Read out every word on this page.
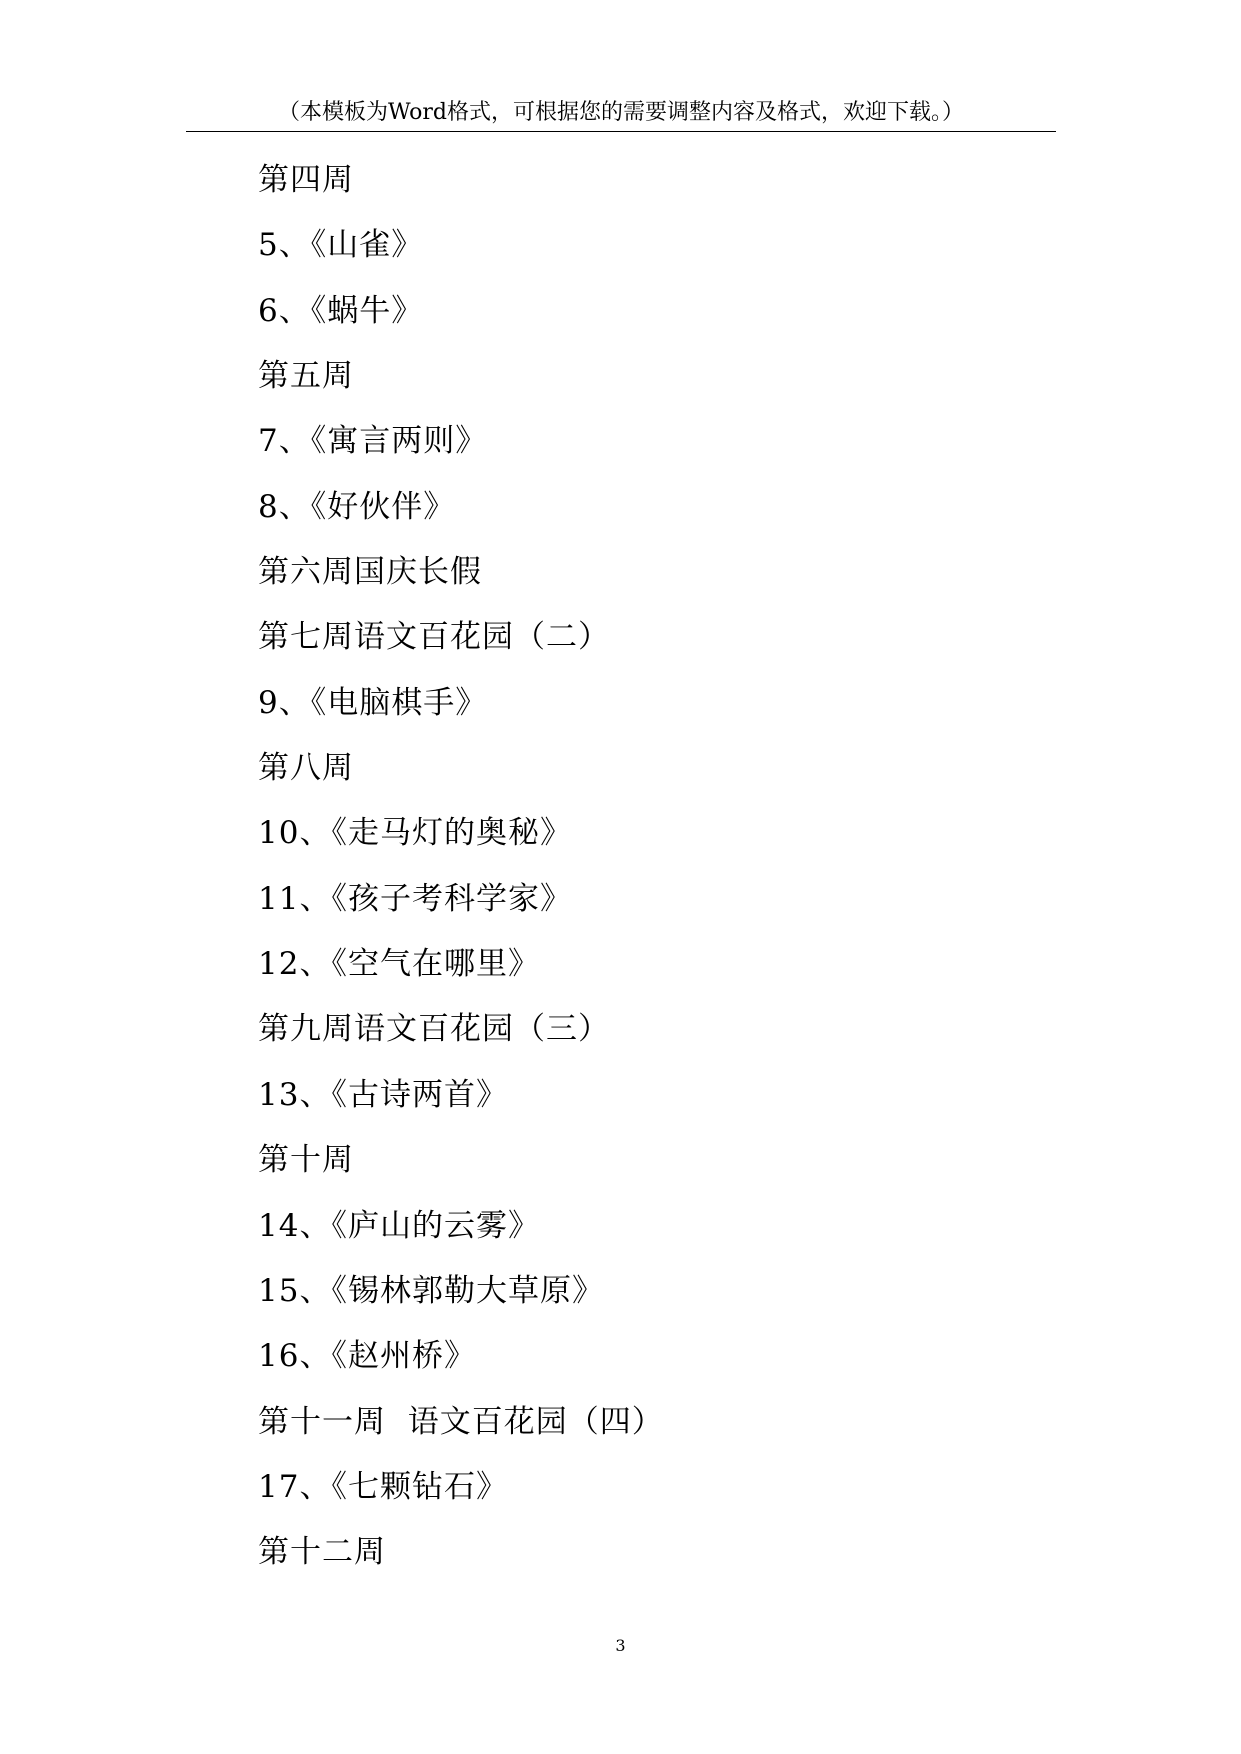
（本模板为Word格式，可根据您的需要调整内容及格式，欢迎下载。）
第四周
5、《山雀》
6、《蜗牛》
第五周
7、《寓言两则》
8、《好伙伴》
第六周国庆长假
第七周语文百花园（二）
9、《电脑棋手》
第八周
10、《走马灯的奥秘》
11、《孩子考科学家》
12、《空气在哪里》
第九周语文百花园（三）
13、《古诗两首》
第十周
14、《庐山的云雾》
15、《锡林郭勒大草原》
16、《赵州桥》
第十一周  语文百花园（四）
17、《七颗钻石》
第十二周
3
